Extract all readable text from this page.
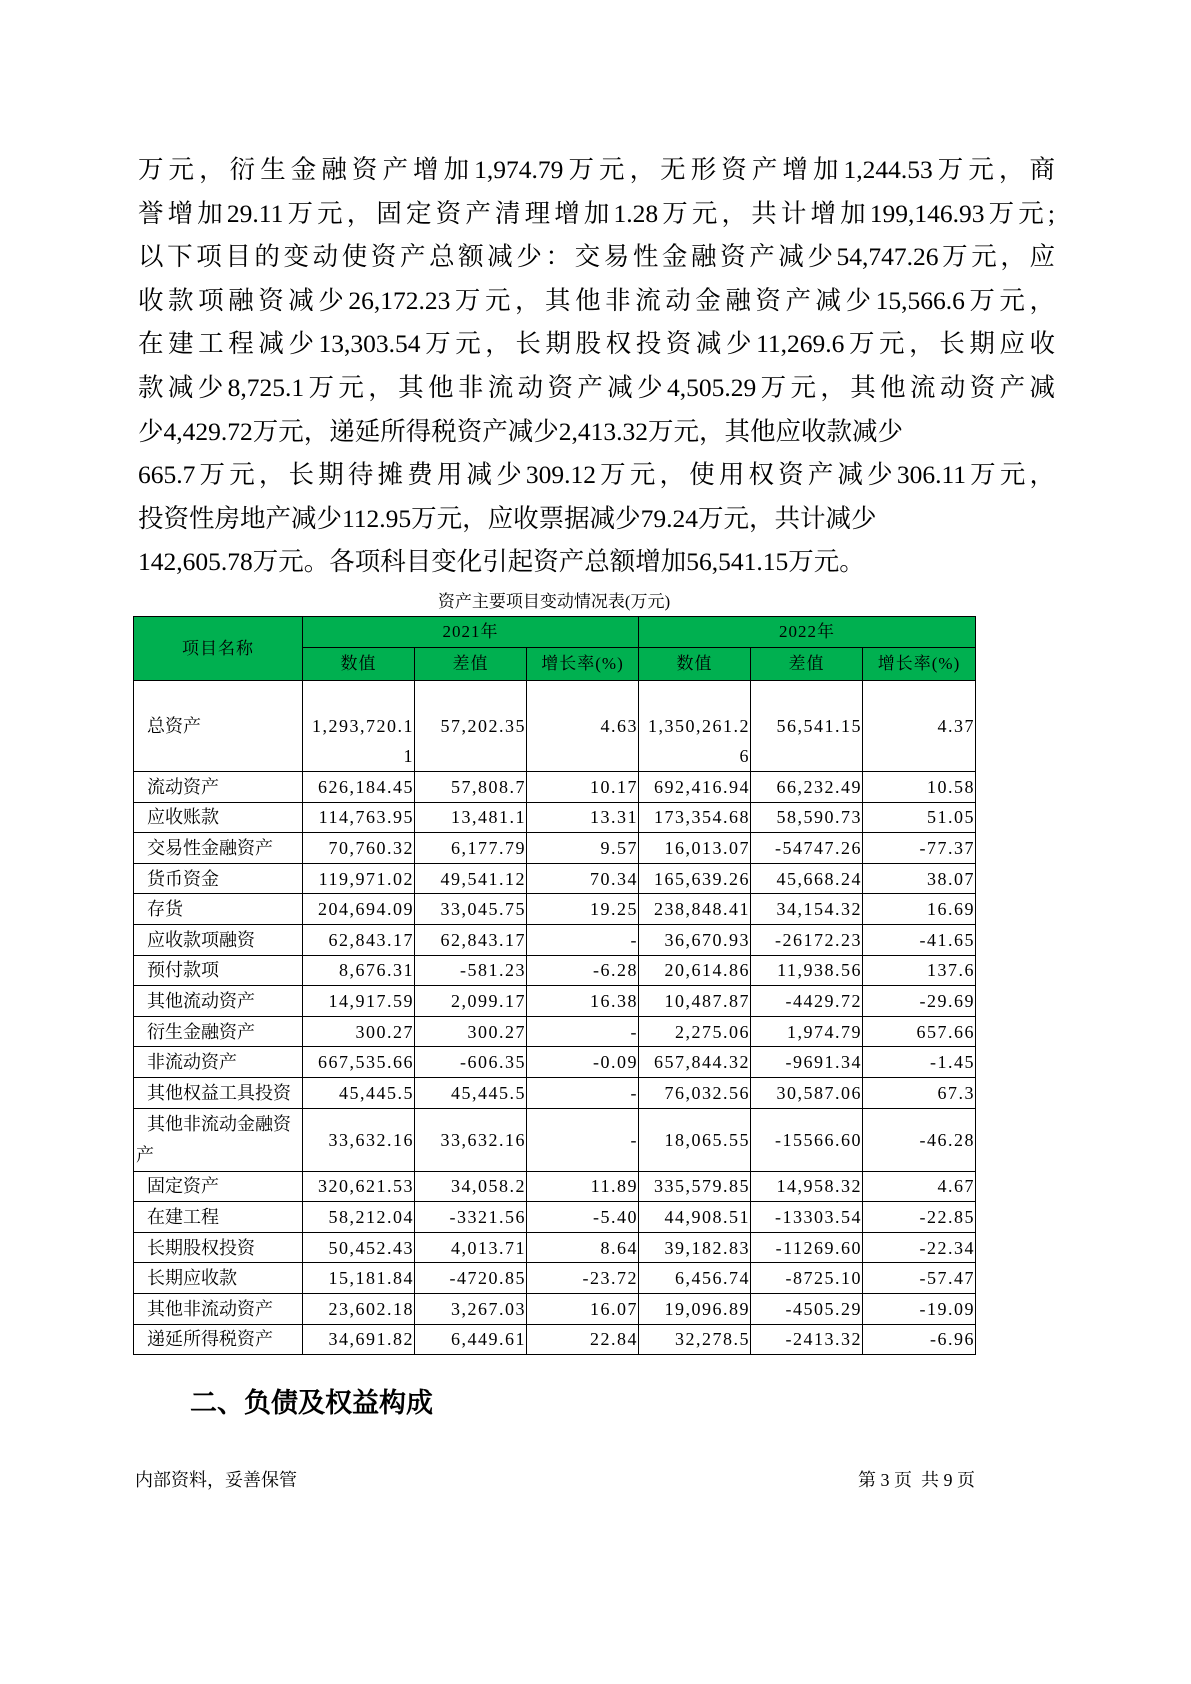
万元，衍生金融资产增加1,974.79万元，无形资产增加1,244.53万元，商
誉增加29.11万元，固定资产清理增加1.28万元，共计增加199,146.93万元;
以下项目的变动使资产总额减少：交易性金融资产减少54,747.26万元，应
收款项融资减少26,172.23万元，其他非流动金融资产减少15,566.6万元，
在建工程减少13,303.54万元，长期股权投资减少11,269.6万元，长期应收
款减少8,725.1万元，其他非流动资产减少4,505.29万元，其他流动资产减
少4,429.72万元，递延所得税资产减少2,413.32万元，其他应收款减少
665.7万元，长期待摊费用减少309.12万元，使用权资产减少306.11万元，
投资性房地产减少112.95万元，应收票据减少79.24万元，共计减少
142,605.78万元。各项科目变化引起资产总额增加56,541.15万元。
资产主要项目变动情况表(万元)
项目名称	2021年			2022年		
	数值	差值	增长率(%)	数值	差值	增长率(%)
总资产	1,293,720.11	57,202.35	4.63	1,350,261.26	56,541.15	4.37

流动资产	626,184.45	57,808.7	10.17	692,416.94	66,232.49	10.58

应收账款	114,763.95	13,481.1	13.31	173,354.68	58,590.73	51.05

交易性金融资产	70,760.32	6,177.79	9.57	16,013.07	-54747.26	-77.37

货币资金	119,971.02	49,541.12	70.34	165,639.26	45,668.24	38.07

存货	204,694.09	33,045.75	19.25	238,848.41	34,154.32	16.69

应收款项融资	62,843.17	62,843.17	-	36,670.93	-26172.23	-41.65

预付款项	8,676.31	-581.23	-6.28	20,614.86	11,938.56	137.6

其他流动资产	14,917.59	2,099.17	16.38	10,487.87	-4429.72	-29.69

衍生金融资产	300.27	300.27	-	2,275.06	1,974.79	657.66

非流动资产	667,535.66	-606.35	-0.09	657,844.32	-9691.34	-1.45

其他权益工具投资	45,445.5	45,445.5	-	76,032.56	30,587.06	67.3

其他非流动金融资产	33,632.16	33,632.16	-	18,065.55	-15566.60	-46.28

固定资产	320,621.53	34,058.2	11.89	335,579.85	14,958.32	4.67

在建工程	58,212.04	-3321.56	-5.40	44,908.51	-13303.54	-22.85

长期股权投资	50,452.43	4,013.71	8.64	39,182.83	-11269.60	-22.34

长期应收款	15,181.84	-4720.85	-23.72	6,456.74	-8725.10	-57.47

其他非流动资产	23,602.18	3,267.03	16.07	19,096.89	-4505.29	-19.09

递延所得税资产	34,691.82	6,449.61	22.84	32,278.5	-2413.32	-6.96
二、负债及权益构成
内部资料，妥善保管	第 3 页  共 9 页
